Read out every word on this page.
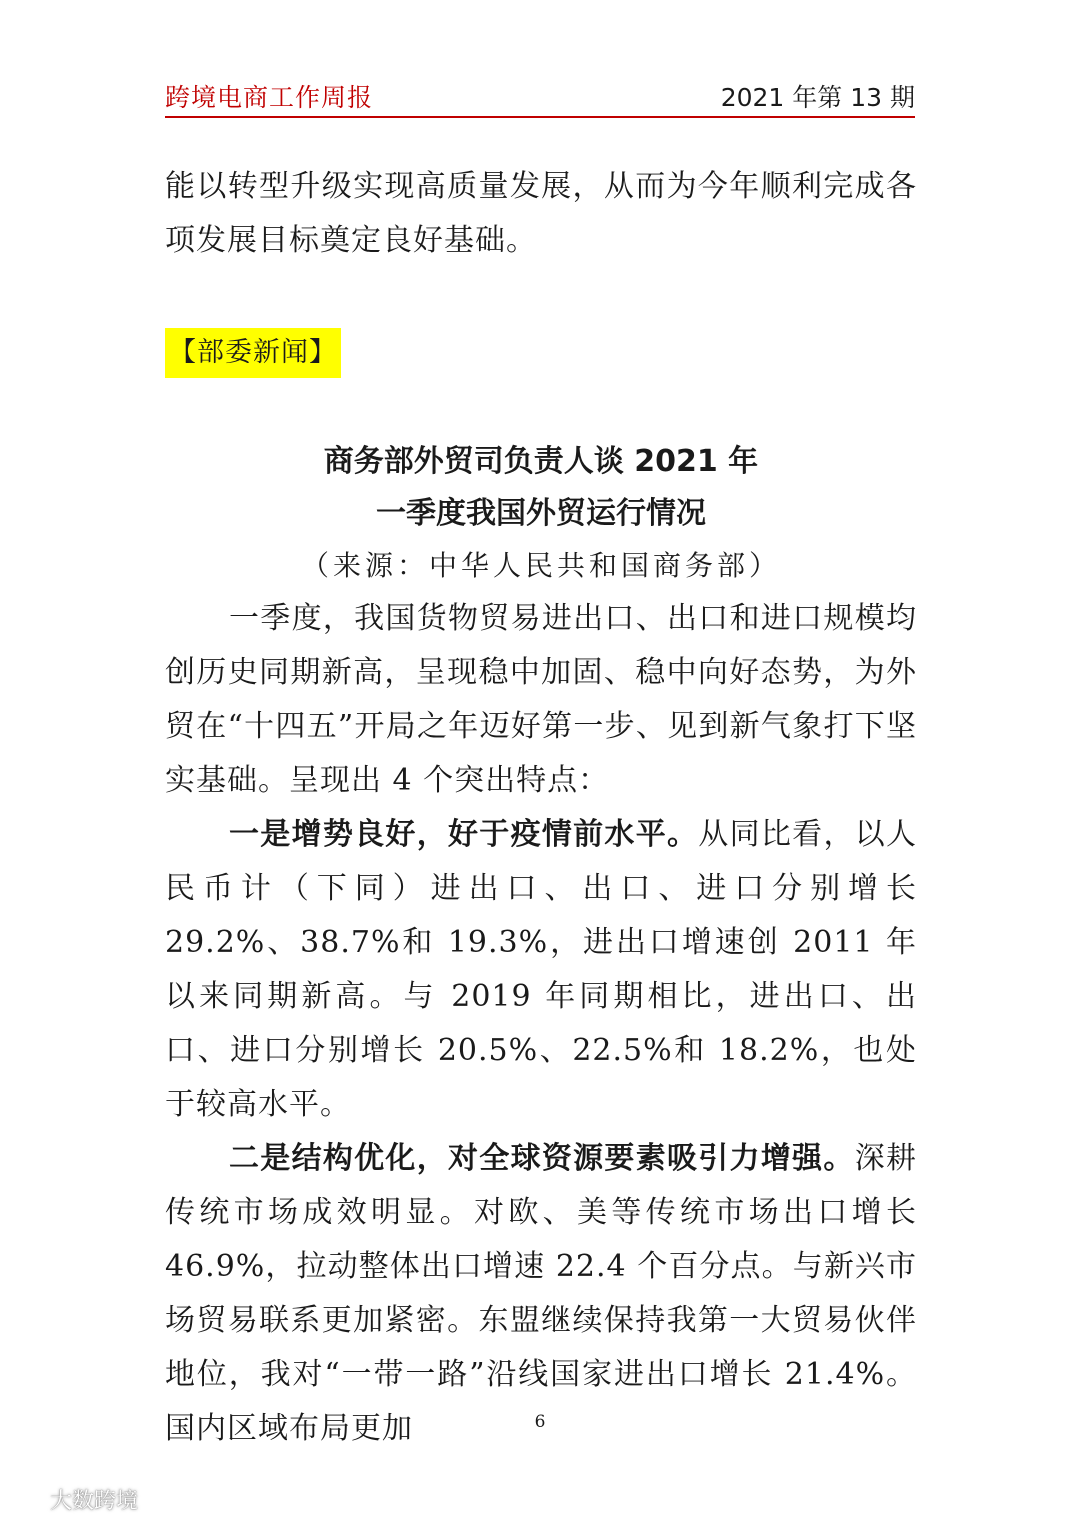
跨境电商工作周报	2021 年第 13 期

能以转型升级实现高质量发展，从而为今年顺利完成各项发展目标奠定良好基础。

【部委新闻】
商务部外贸司负责人谈 2021 年
一季度我国外贸运行情况
（来源：中华人民共和国商务部）

一季度，我国货物贸易进出口、出口和进口规模均创历史同期新高，呈现稳中加固、稳中向好态势，为外贸在“十四五”开局之年迈好第一步、见到新气象打下坚实基础。呈现出 4 个突出特点：

一是增势良好，好于疫情前水平。从同比看，以人民币计（下同）进出口、出口、进口分别增长 29.2%、38.7%和 19.3%，进出口增速创 2011 年以来同期新高。与 2019 年同期相比，进出口、出口、进口分别增长 20.5%、22.5%和 18.2%，也处于较高水平。

二是结构优化，对全球资源要素吸引力增强。深耕传统市场成效明显。对欧、美等传统市场出口增长 46.9%，拉动整体出口增速 22.4 个百分点。与新兴市场贸易联系更加紧密。东盟继续保持我第一大贸易伙伴地位，我对“一带一路”沿线国家进出口增长 21.4%。国内区域布局更加	6
大数跨境
